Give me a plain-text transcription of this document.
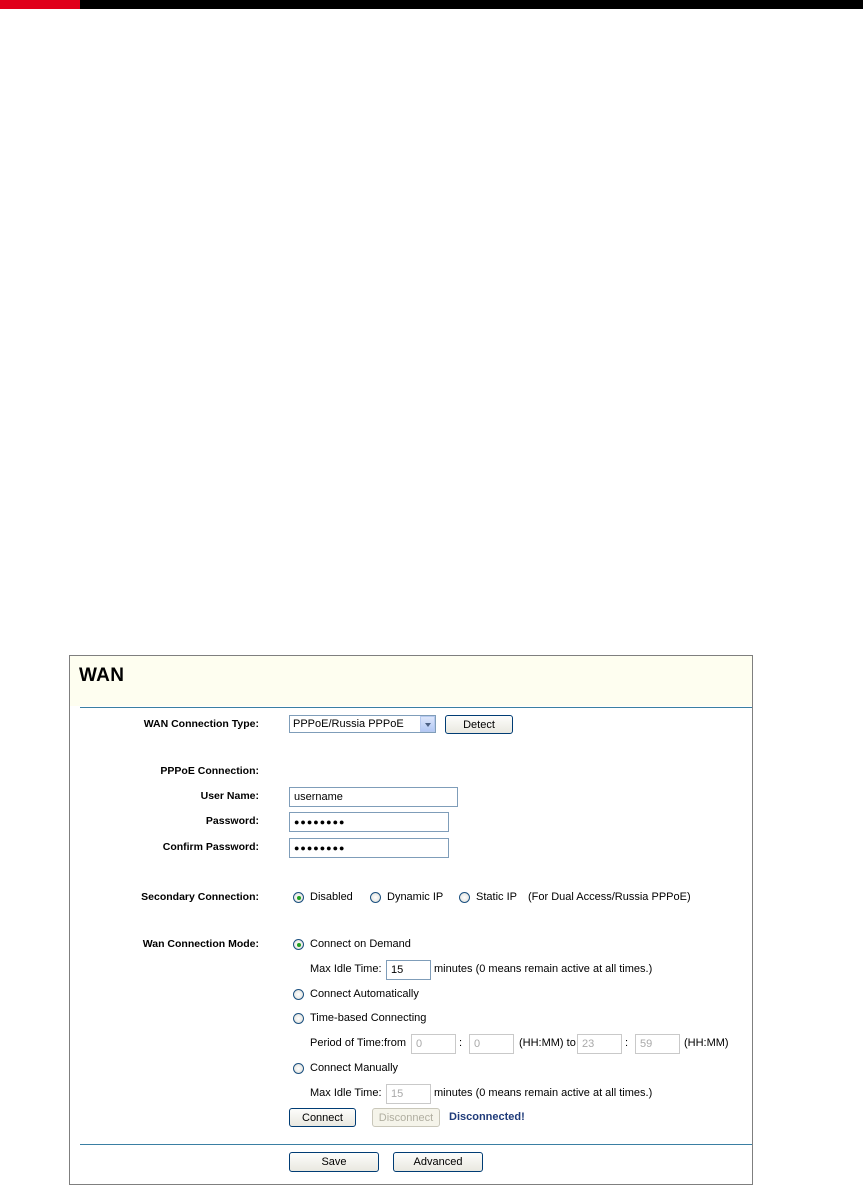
WAN
WAN Connection Type:	PPPoE/Russia PPPoE	Detect
PPPoE Connection:
User Name:	username
Password:	●●●●●●●●
Confirm Password:	●●●●●●●●
Secondary Connection:	Disabled	Dynamic IP	Static IP (For Dual Access/Russia PPPoE)
Wan Connection Mode:	Connect on Demand
Max Idle Time: 15	minutes (0 means remain active at all times.)
Connect Automatically
Time-based Connecting
Period of Time:from 0	:	0	(HH:MM) to 23	:	59	(HH:MM)
Connect Manually
Max Idle Time: 15	minutes (0 means remain active at all times.)
Connect	Disconnect	Disconnected!
Save	Advanced
